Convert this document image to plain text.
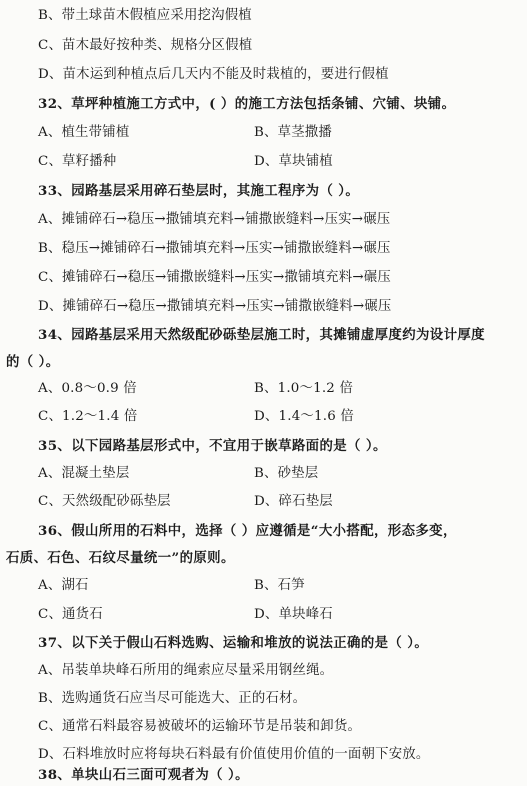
B、带土球苗木假植应采用挖沟假植
C、苗木最好按种类、规格分区假植
D、苗木运到种植点后几天内不能及时栽植的，要进行假植
32、草坪种植施工方式中，( ）的施工方法包括条铺、穴铺、块铺。
A、植生带铺植	B、草茎撒播
C、草籽播种	D、草块铺植
33、园路基层采用碎石垫层时，其施工程序为（ ）。
A、摊铺碎石→稳压→撒铺填充料→铺撒嵌缝料→压实→碾压
B、稳压→摊铺碎石→撒铺填充料→压实→铺撒嵌缝料→碾压
C、摊铺碎石→稳压→铺撒嵌缝料→压实→撒铺填充料→碾压
D、摊铺碎石→稳压→撒铺填充料→压实→铺撒嵌缝料→碾压
34、园路基层采用天然级配砂砾垫层施工时，其摊铺虚厚度约为设计厚度
的（ ）。
A、0.8～0.9 倍	B、1.0～1.2 倍
C、1.2～1.4 倍	D、1.4～1.6 倍
35、以下园路基层形式中，不宜用于嵌草路面的是（ ）。
A、混凝土垫层	B、砂垫层
C、天然级配砂砾垫层	D、碎石垫层
36、假山所用的石料中，选择（ ）应遵循是“大小搭配，形态多变，
石质、石色、石纹尽量统一”的原则。
A、湖石	B、石笋
C、通货石	D、单块峰石
37、以下关于假山石料选购、运输和堆放的说法正确的是（ ）。
A、吊装单块峰石所用的绳索应尽量采用钢丝绳。
B、选购通货石应当尽可能选大、正的石材。
C、通常石料最容易被破坏的运输环节是吊装和卸货。
D、石料堆放时应将每块石料最有价值使用价值的一面朝下安放。
38、单块山石三面可观者为（ ）。
